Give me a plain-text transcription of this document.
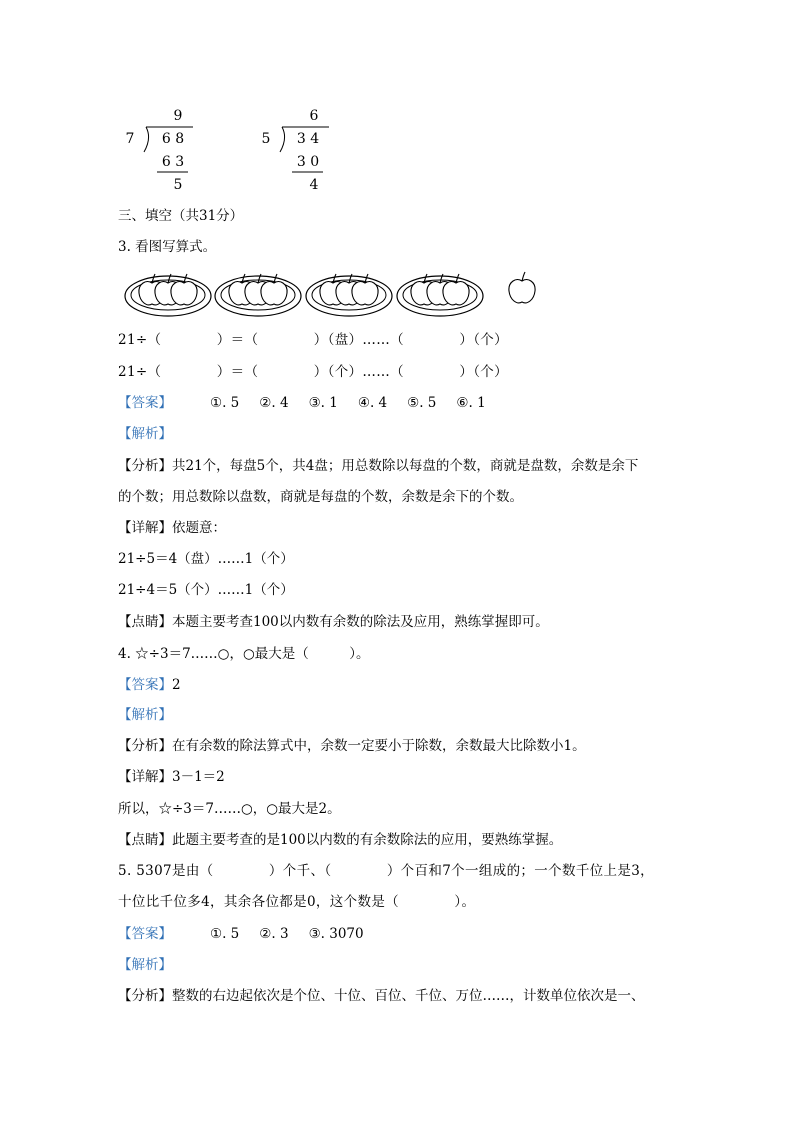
9
7	6 8
6 3
5
6
5	3 4
3 0
4
三、填空（共31分）
3. 看图写算式。
21÷（　　　　）＝（　　　　）（盘）……（　　　　）（个）
21÷（　　　　）＝（　　　　）（个）……（　　　　）（个）
【答案】	①. 5 ②. 4 ③. 1 ④. 4 ⑤. 5 ⑥. 1
【解析】
【分析】共21个，每盘5个，共4盘；用总数除以每盘的个数，商就是盘数，余数是余下
的个数；用总数除以盘数，商就是每盘的个数，余数是余下的个数。
【详解】依题意：
21÷5＝4（盘）……1（个）
21÷4＝5（个）……1（个）
【点睛】本题主要考查100以内数有余数的除法及应用，熟练掌握即可。
4. ☆÷3＝7……○，○最大是（　　　）。
【答案】2
【解析】
【分析】在有余数的除法算式中，余数一定要小于除数，余数最大比除数小1。
【详解】3－1＝2
所以，☆÷3＝7……○，○最大是2。
【点睛】此题主要考查的是100以内数的有余数除法的应用，要熟练掌握。
5. 5307是由（　　　　）个千、（　　　　）个百和7个一组成的；一个数千位上是3，
十位比千位多4，其余各位都是0，这个数是（　　　　）。
【答案】	①. 5 ②. 3 ③. 3070
【解析】
【分析】整数的右边起依次是个位、十位、百位、千位、万位……，计数单位依次是一、
